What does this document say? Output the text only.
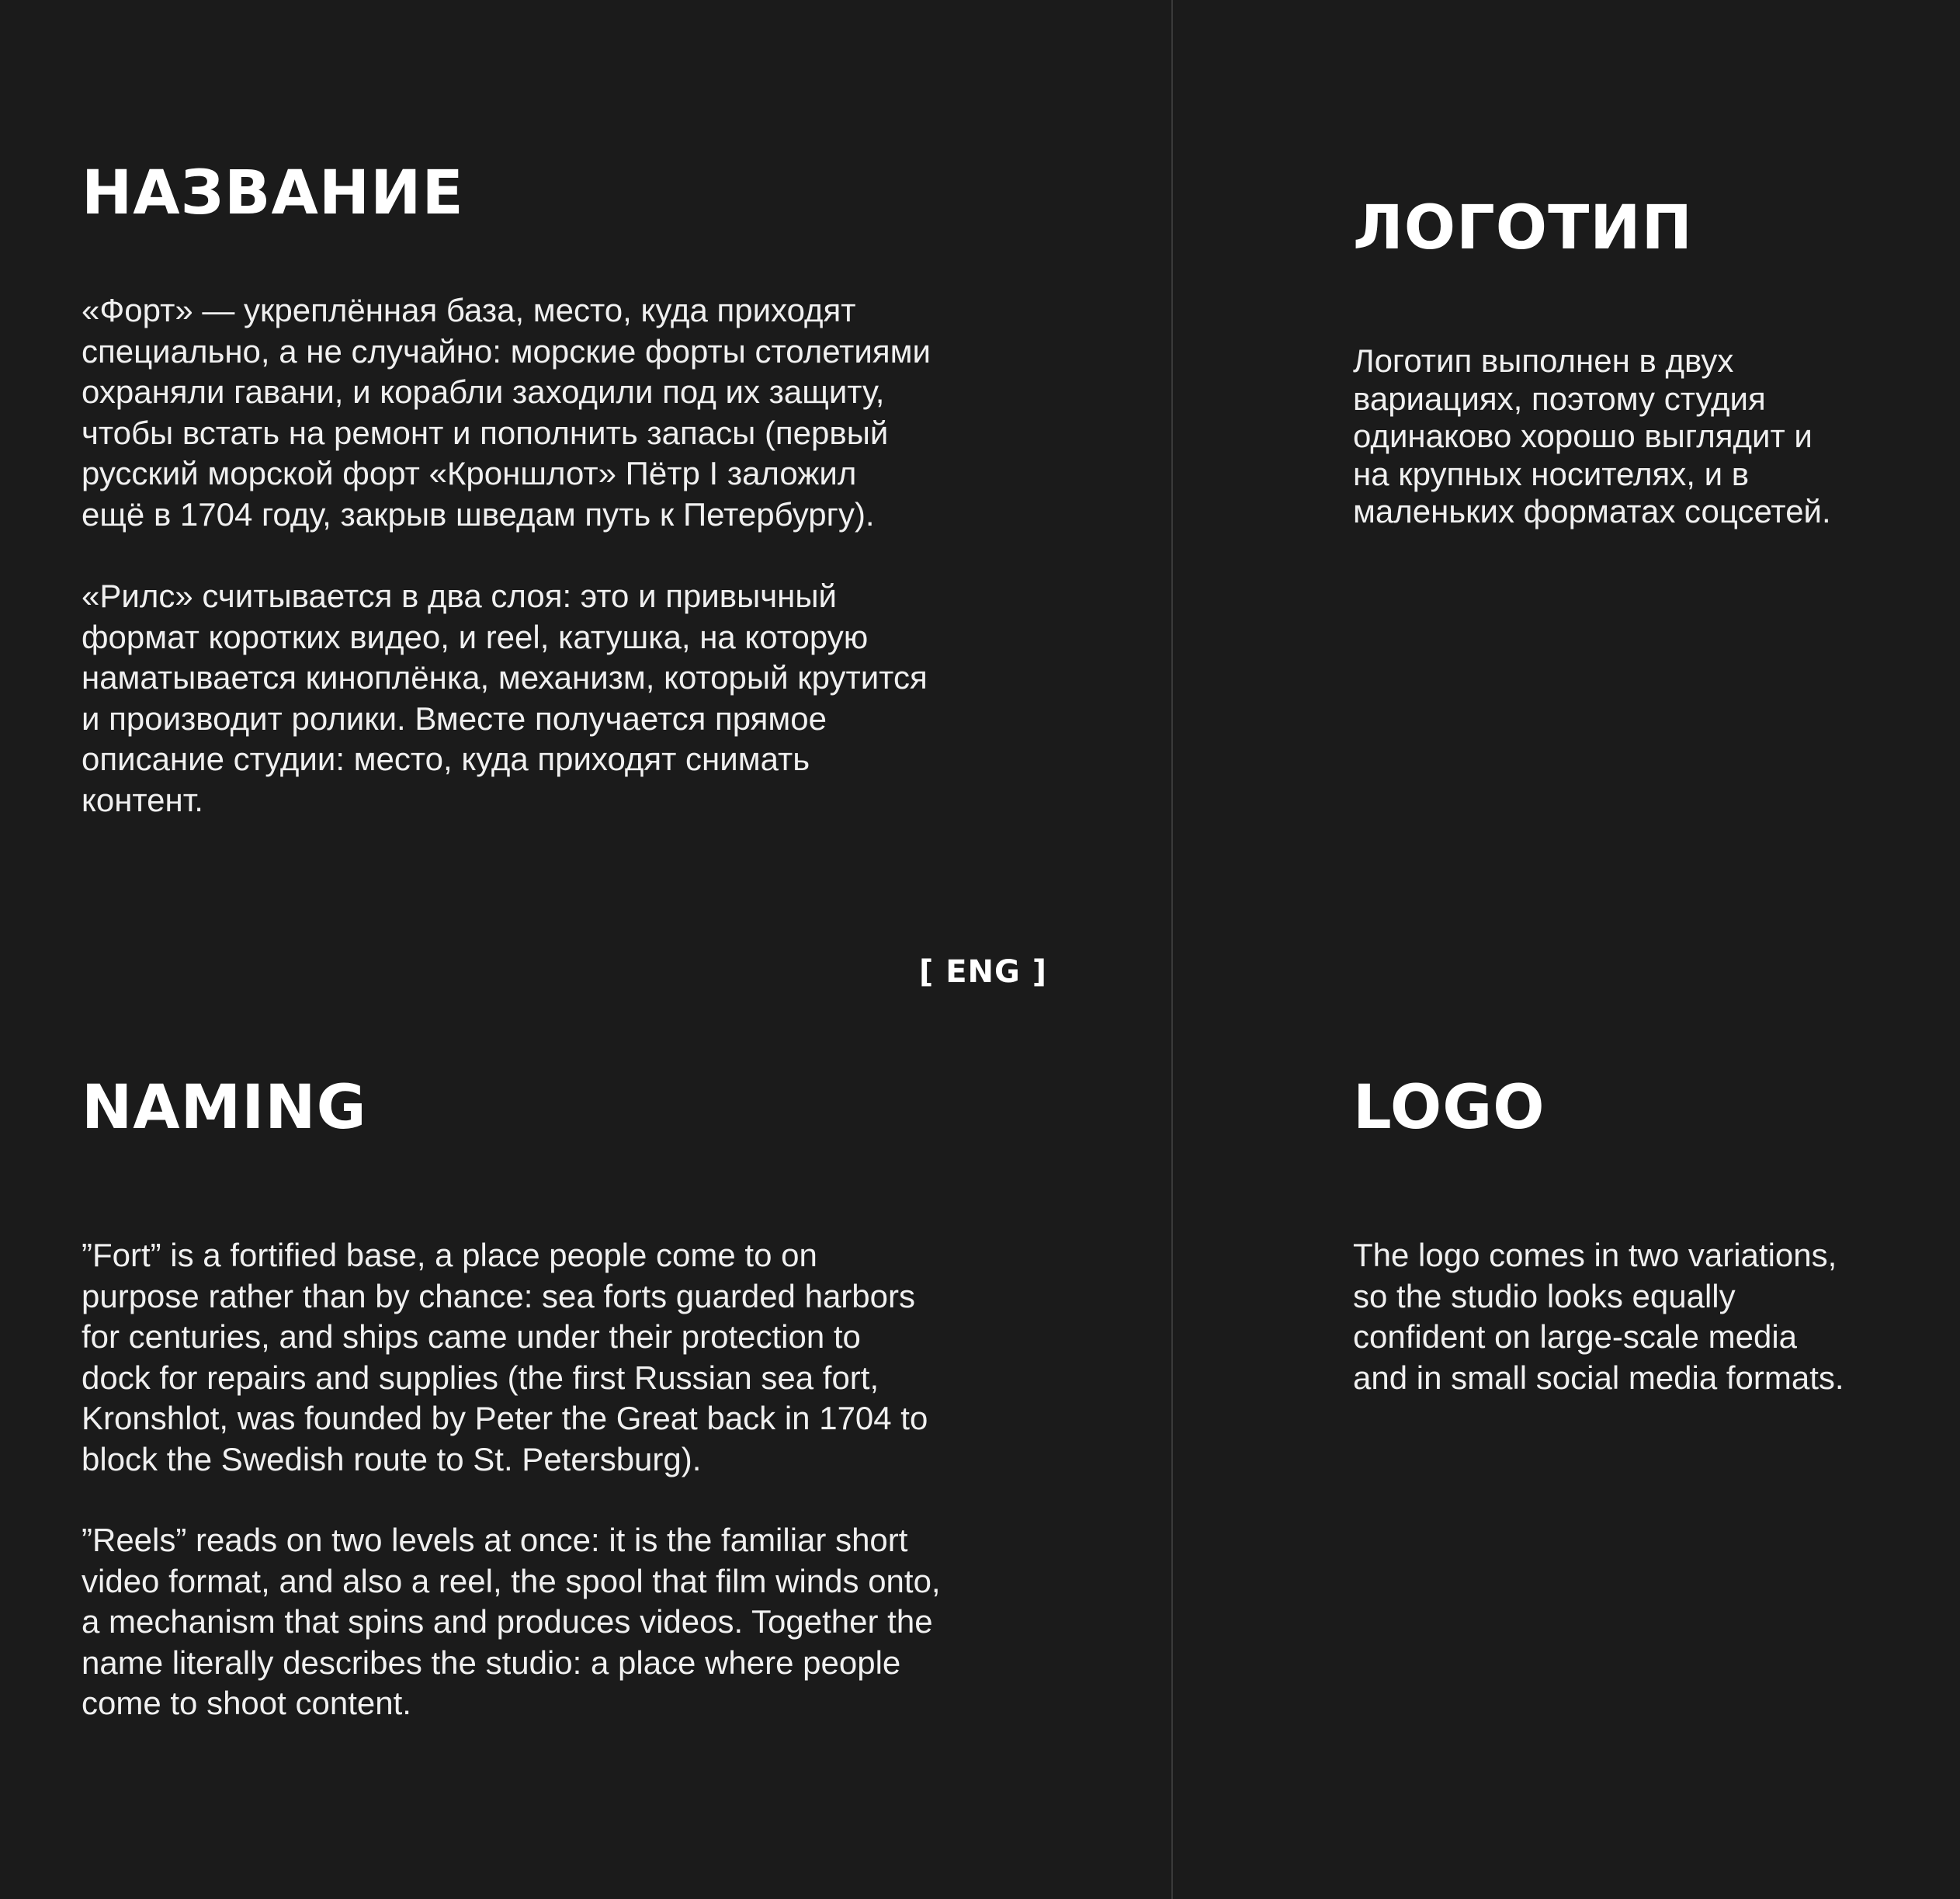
НАЗВАНИЕ

«Форт» — укреплённая база, место, куда приходят
специально, а не случайно: морские форты столетиями
охраняли гавани, и корабли заходили под их защиту,
чтобы встать на ремонт и пополнить запасы (первый
русский морской форт «Кроншлот» Пётр I заложил
ещё в 1704 году, закрыв шведам путь к Петербургу).

«Рилс» считывается в два слоя: это и привычный
формат коротких видео, и reel, катушка, на которую
наматывается киноплёнка, механизм, который крутится
и производит ролики. Вместе получается прямое
описание студии: место, куда приходят снимать
контент.

ЛОГОТИП

Логотип выполнен в двух
вариациях, поэтому студия
одинаково хорошо выглядит и
на крупных носителях, и в
маленьких форматах соцсетей.

[ ENG ]
NAMING

”Fort” is a fortified base, a place people come to on
purpose rather than by chance: sea forts guarded harbors
for centuries, and ships came under their protection to
dock for repairs and supplies (the first Russian sea fort,
Kronshlot, was founded by Peter the Great back in 1704 to
block the Swedish route to St. Petersburg).

”Reels” reads on two levels at once: it is the familiar short
video format, and also a reel, the spool that film winds onto,
a mechanism that spins and produces videos. Together the
name literally describes the studio: a place where people
come to shoot content.

LOGO

The logo comes in two variations,
so the studio looks equally
confident on large-scale media
and in small social media formats.
